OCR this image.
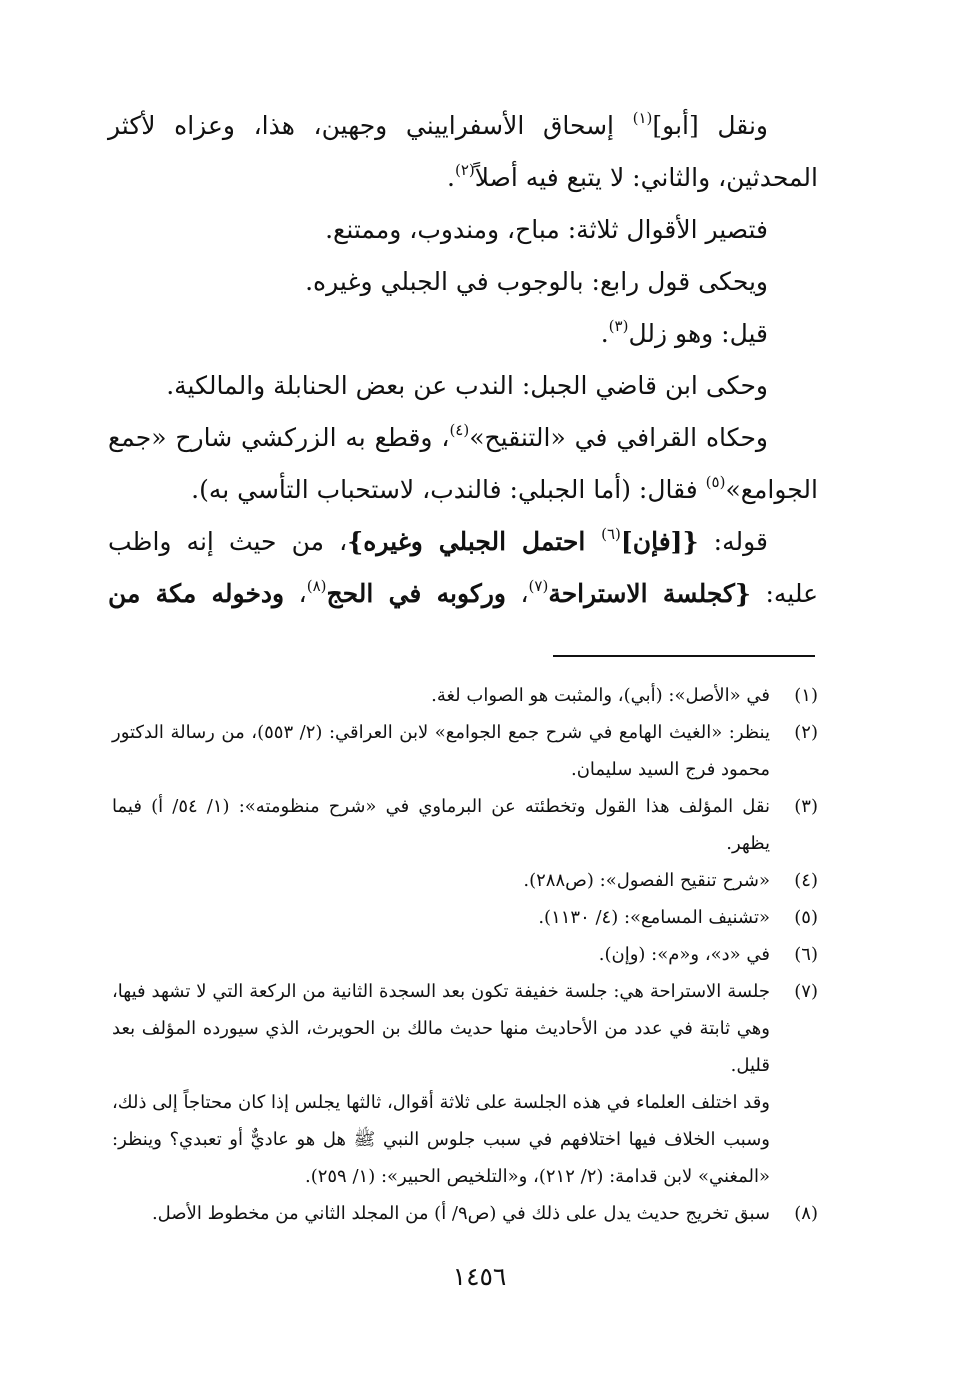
ونقل [أبو]$^{(١)}$ إسحاق الأسفراييني وجهين، هذا، وعزاه لأكثر المحدثين، والثاني: لا يتبع فيه أصلاً$^{(٢)}$.

فتصير الأقوال ثلاثة: مباح، ومندوب، وممتنع.

ويحكى قول رابع: بالوجوب في الجبلي وغيره.

قيل: وهو زلل$^{(٣)}$.

وحكى ابن قاضي الجبل: الندب عن بعض الحنابلة والمالكية.

وحكاه القرافي في «التنقيح»$^{(٤)}$، وقطع به الزركشي شارح «جمع الجوامع»$^{(٥)}$ فقال: (أما الجبلي: فالندب، لاستحباب التأسي به).

قوله: {[فإن]$^{(٦)}$ احتمل الجبلي وغيره}، من حيث إنه واظب عليه: {كجلسة الاستراحة$^{(٧)}$، وركوبه في الحج$^{(٨)}$، ودخوله مكة من

(١)
في «الأصل»: (أبي)، والمثبت هو الصواب لغة.
(٢)
ينظر: «الغيث الهامع في شرح جمع الجوامع» لابن العراقي: (٢/ ٥٥٣)، من رسالة الدكتور محمود فرج السيد سليمان.
(٣)
نقل المؤلف هذا القول وتخطئته عن البرماوي في «شرح منظومته»: (١/ ٥٤/ أ) فيما يظهر.
(٤)
«شرح تنقيح الفصول»: (ص٢٨٨).
(٥)
«تشنيف المسامع»: (٤/ ١١٣٠).
(٦)
في «د»، و«م»: (وإن).
(٧)
جلسة الاستراحة هي: جلسة خفيفة تكون بعد السجدة الثانية من الركعة التي لا تشهد فيها، وهي ثابتة في عدد من الأحاديث منها حديث مالك بن الحويرث، الذي سيورده المؤلف بعد قليل.
وقد اختلف العلماء في هذه الجلسة على ثلاثة أقوال، ثالثها يجلس إذا كان محتاجاً إلى ذلك، وسبب الخلاف فيها اختلافهم في سبب جلوس النبي ﷺ هل هو عاديٌّ أو تعبدي؟ وينظر: «المغني» لابن قدامة: (٢/ ٢١٢)، و«التلخيص الحبير»: (١/ ٢٥٩).
(٨)
سبق تخريج حديث يدل على ذلك في (ص٩/ أ) من المجلد الثاني من مخطوط الأصل.
١٤٥٦
